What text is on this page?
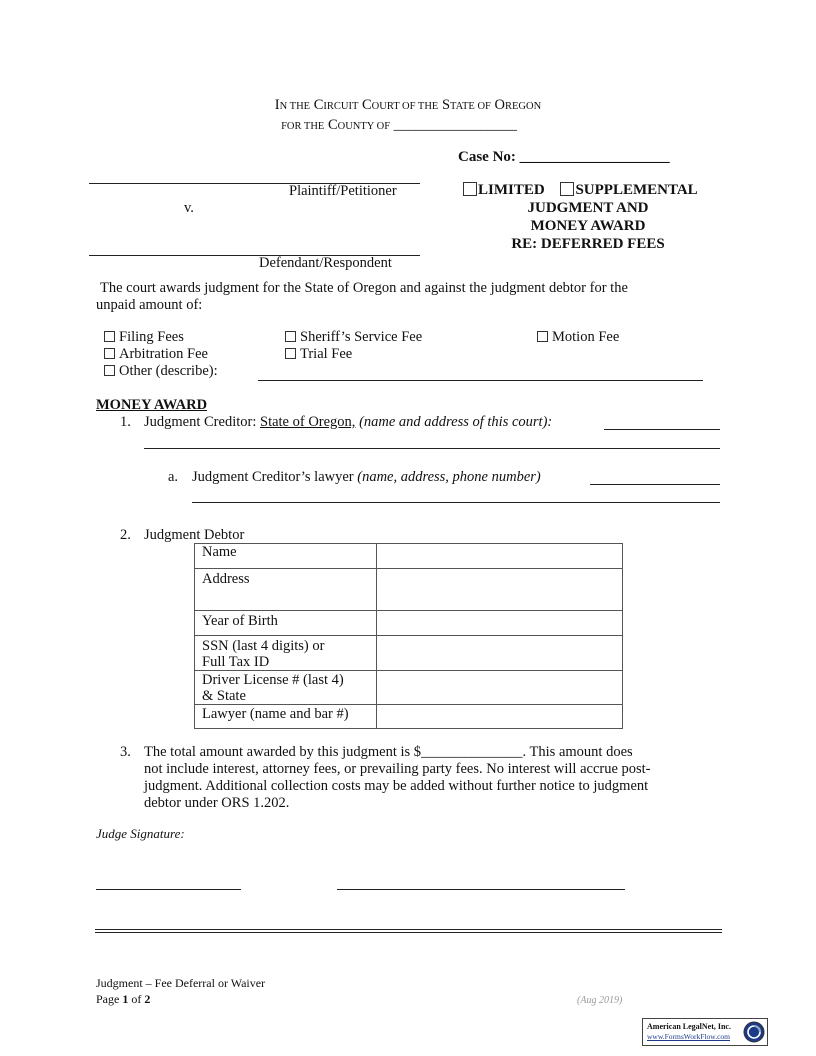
IN THE CIRCUIT COURT OF THE STATE OF OREGON
FOR THE COUNTY OF _________________
Case No: ____________________
Plaintiff/Petitioner
v.
Defendant/Respondent
LIMITED SUPPLEMENTAL
JUDGMENT AND
MONEY AWARD
RE: DEFERRED FEES
The court awards judgment for the State of Oregon and against the judgment debtor for the
unpaid amount of:
Filing Fees	Sheriff’s Service Fee	Motion Fee
Arbitration Fee	Trial Fee
Other (describe):
MONEY AWARD
1. Judgment Creditor: State of Oregon, (name and address of this court):
a. Judgment Creditor’s lawyer (name, address, phone number)
2. Judgment Debtor
Name	
Address	
Year of Birth	

SSN (last 4 digits) or
Full Tax ID	

Driver License # (last 4)
& State	

Lawyer (name and bar #)	
3. The total amount awarded by this judgment is $______________. This amount does
not include interest, attorney fees, or prevailing party fees. No interest will accrue post-
judgment. Additional collection costs may be added without further notice to judgment
debtor under ORS 1.202.
Judge Signature:
Judgment – Fee Deferral or Waiver
Page 1 of 2	(Aug 2019)
American LegalNet, Inc.
www.FormsWorkFlow.com
